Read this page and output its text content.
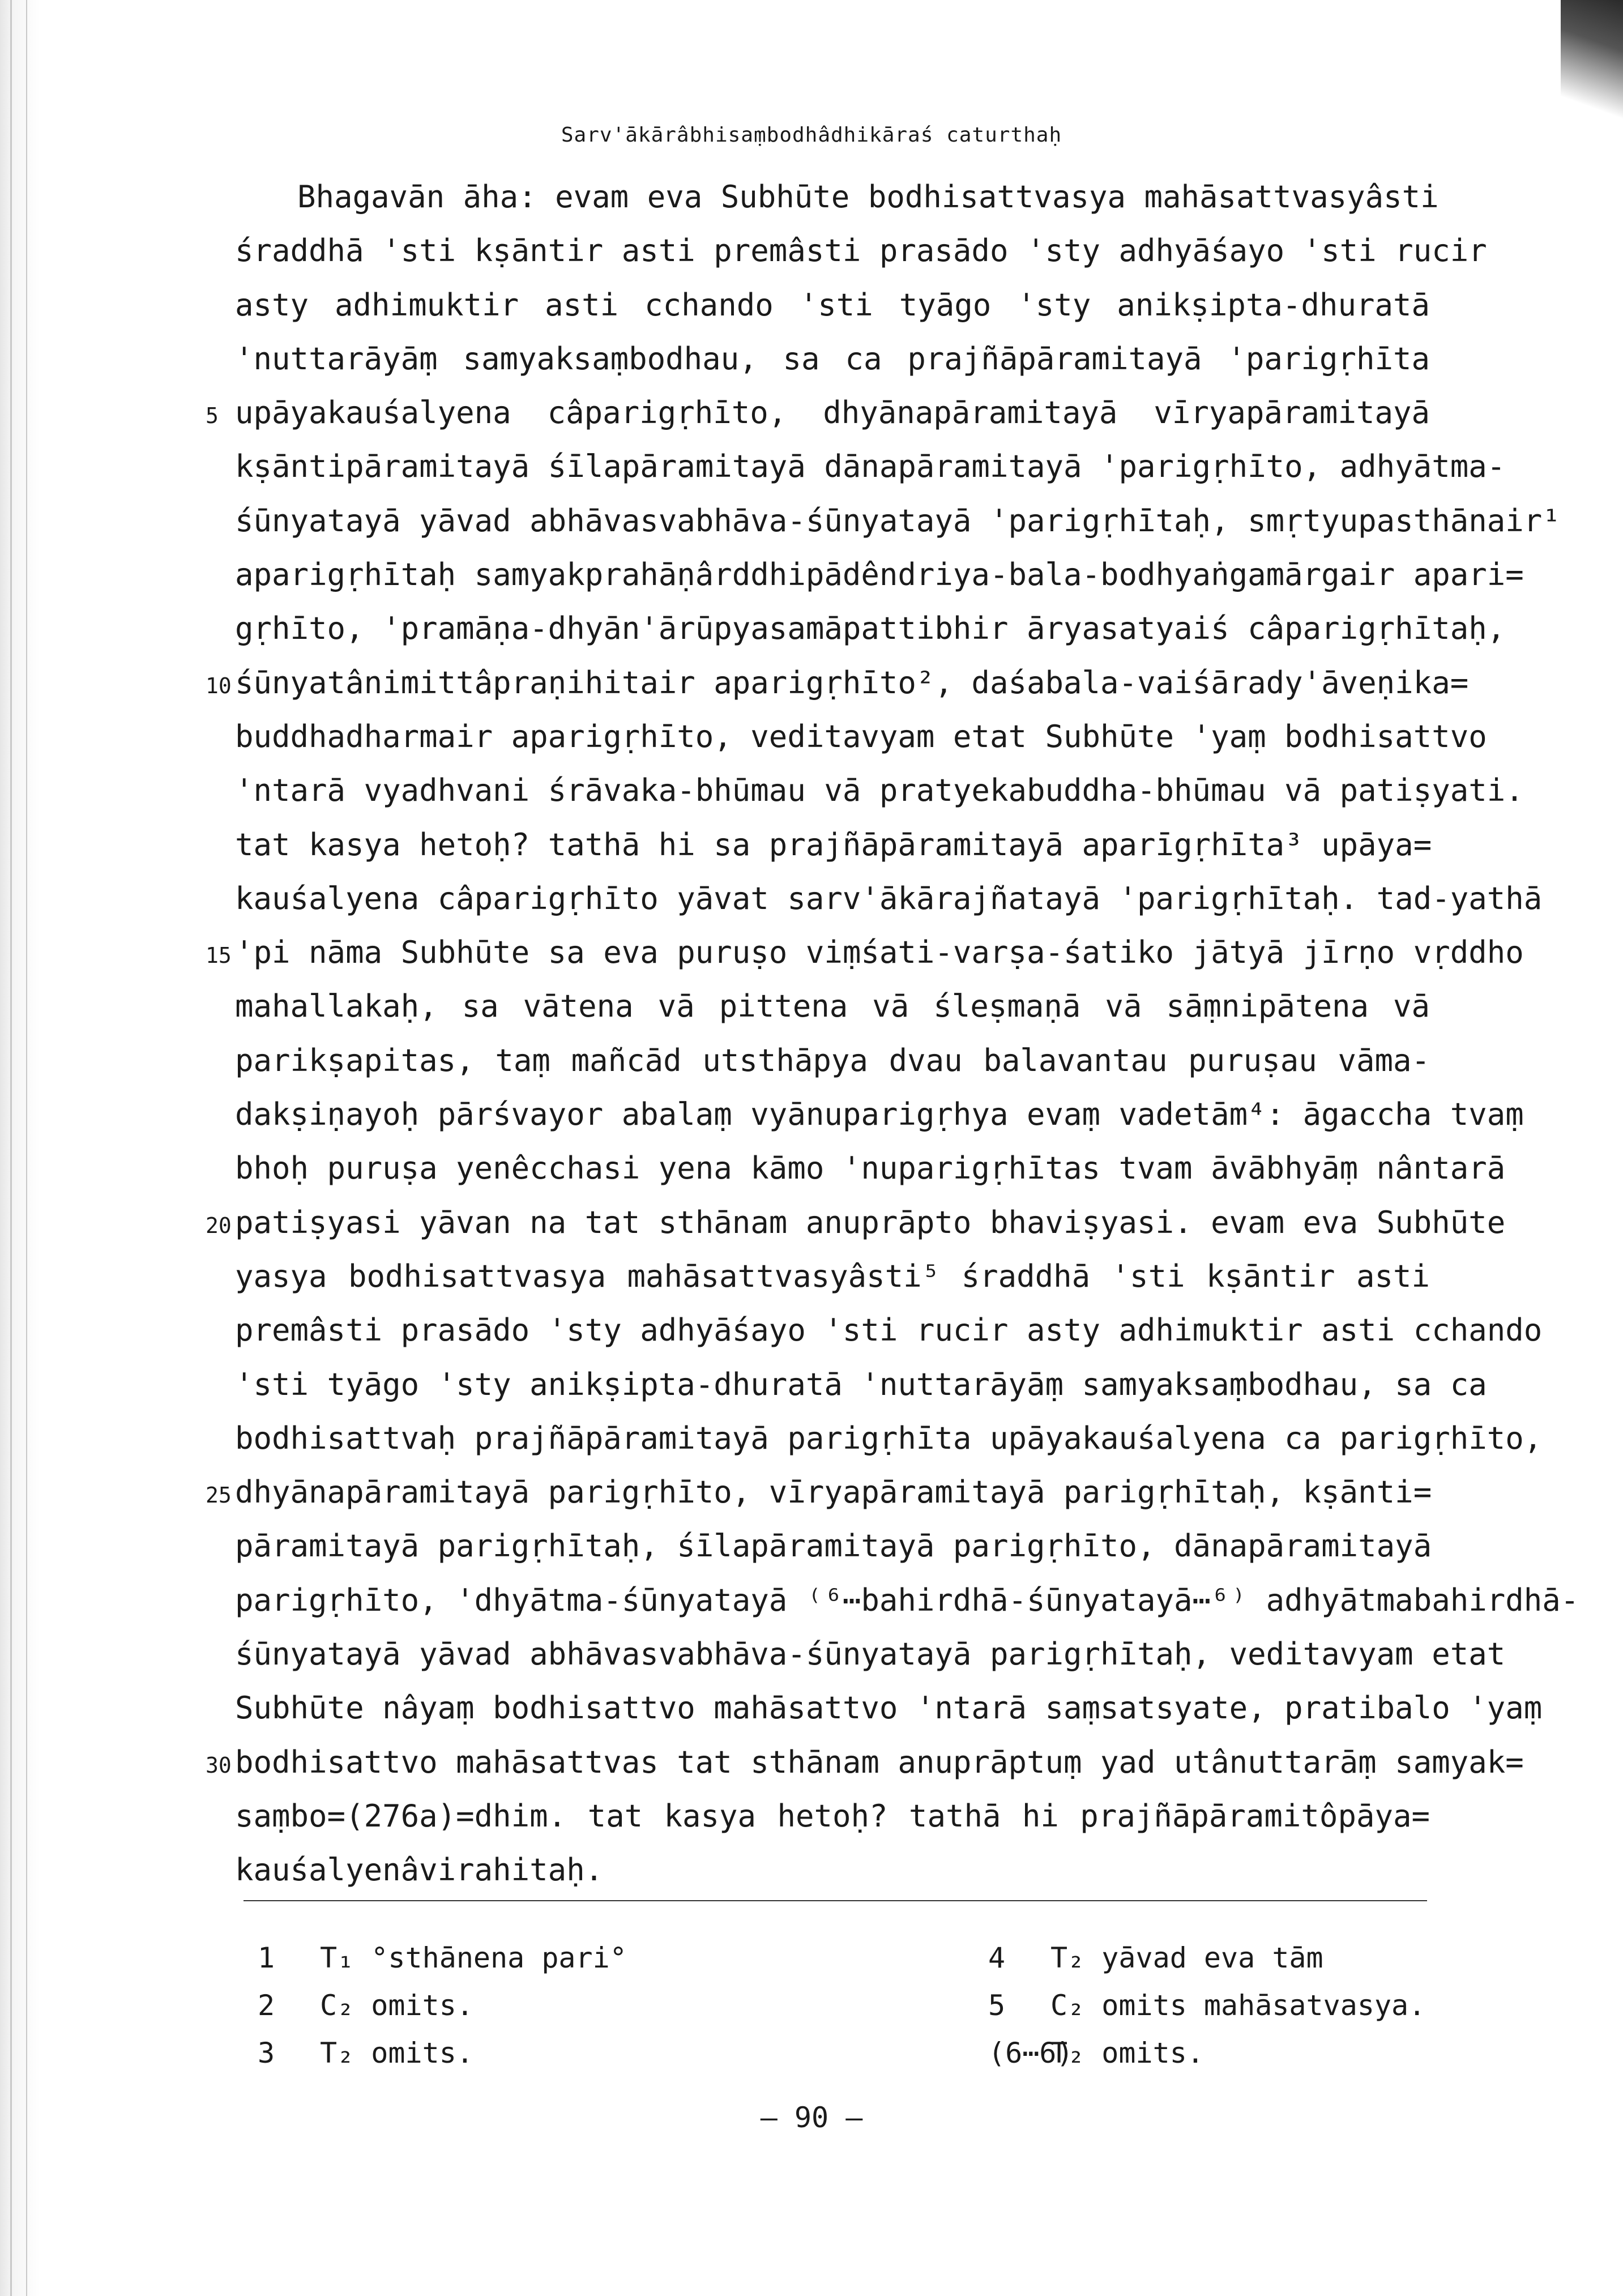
Sarv'ākārâbhisaṃbodhâdhikāraś caturthaḥ
Bhagavān āha: evam eva Subhūte bodhisattvasya mahāsattvasyâsti
śraddhā 'sti kṣāntir asti premâsti prasādo 'sty adhyāśayo 'sti rucir
asty adhimuktir asti cchando 'sti tyāgo 'sty anikṣipta-dhuratā
'nuttarāyāṃ samyaksaṃbodhau, sa ca prajñāpāramitayā 'parigṛhīta
5 upāyakauśalyena câparigṛhīto, dhyānapāramitayā vīryapāramitayā
kṣāntipāramitayā śīlapāramitayā dānapāramitayā 'parigṛhīto, adhyātma-
śūnyatayā yāvad abhāvasvabhāva-śūnyatayā 'parigṛhītaḥ, smṛtyupasthānair¹
aparigṛhītaḥ samyakprahāṇârddhipādêndriya-bala-bodhyaṅgamārgair apari=
gṛhīto, 'pramāṇa-dhyān'ārūpyasamāpattibhir āryasatyaiś câparigṛhītaḥ,
10 śūnyatânimittâpraṇihitair aparigṛhīto², daśabala-vaiśārady'āveṇika=
buddhadharmair aparigṛhīto, veditavyam etat Subhūte 'yaṃ bodhisattvo
'ntarā vyadhvani śrāvaka-bhūmau vā pratyekabuddha-bhūmau vā patiṣyati.
tat kasya hetoḥ? tathā hi sa prajñāpāramitayā aparīgṛhīta³ upāya=
kauśalyena câparigṛhīto yāvat sarv'ākārajñatayā 'parigṛhītaḥ. tad-yathā
15 'pi nāma Subhūte sa eva puruṣo viṃśati-varṣa-śatiko jātyā jīrṇo vṛddho
mahallakaḥ, sa vātena vā pittena vā śleṣmaṇā vā sāṃnipātena vā
parikṣapitas, taṃ mañcād utsthāpya dvau balavantau puruṣau vāma-
dakṣiṇayoḥ pārśvayor abalaṃ vyānuparigṛhya evaṃ vadetām⁴: āgaccha tvaṃ
bhoḥ puruṣa yenêcchasi yena kāmo 'nuparigṛhītas tvam āvābhyāṃ nântarā
20 patiṣyasi yāvan na tat sthānam anuprāpto bhaviṣyasi. evam eva Subhūte
yasya bodhisattvasya mahāsattvasyâsti⁵ śraddhā 'sti kṣāntir asti
premâsti prasādo 'sty adhyāśayo 'sti rucir asty adhimuktir asti cchando
'sti tyāgo 'sty anikṣipta-dhuratā 'nuttarāyāṃ samyaksaṃbodhau, sa ca
bodhisattvaḥ prajñāpāramitayā parigṛhīta upāyakauśalyena ca parigṛhīto,
25 dhyānapāramitayā parigṛhīto, vīryapāramitayā parigṛhītaḥ, kṣānti=
pāramitayā parigṛhītaḥ, śīlapāramitayā parigṛhīto, dānapāramitayā
parigṛhīto, 'dhyātma-śūnyatayā ⁽⁶⋯bahirdhā-śūnyatayā⋯⁶⁾ adhyātmabahirdhā-
śūnyatayā yāvad abhāvasvabhāva-śūnyatayā parigṛhītaḥ, veditavyam etat
Subhūte nâyaṃ bodhisattvo mahāsattvo 'ntarā saṃsatsyate, pratibalo 'yaṃ
30 bodhisattvo mahāsattvas tat sthānam anuprāptuṃ yad utânuttarāṃ samyak=
saṃbo=(276a)=dhim. tat kasya hetoḥ? tathā hi prajñāpāramitôpāya=
kauśalyenâvirahitaḥ.
1 T₁ °sthānena pari°
2 C₂ omits.
3 T₂ omits.
4 T₂ yāvad eva tām
5 C₂ omits mahāsatvasya.
(6⋯6)T₂ omits.
— 90 —
